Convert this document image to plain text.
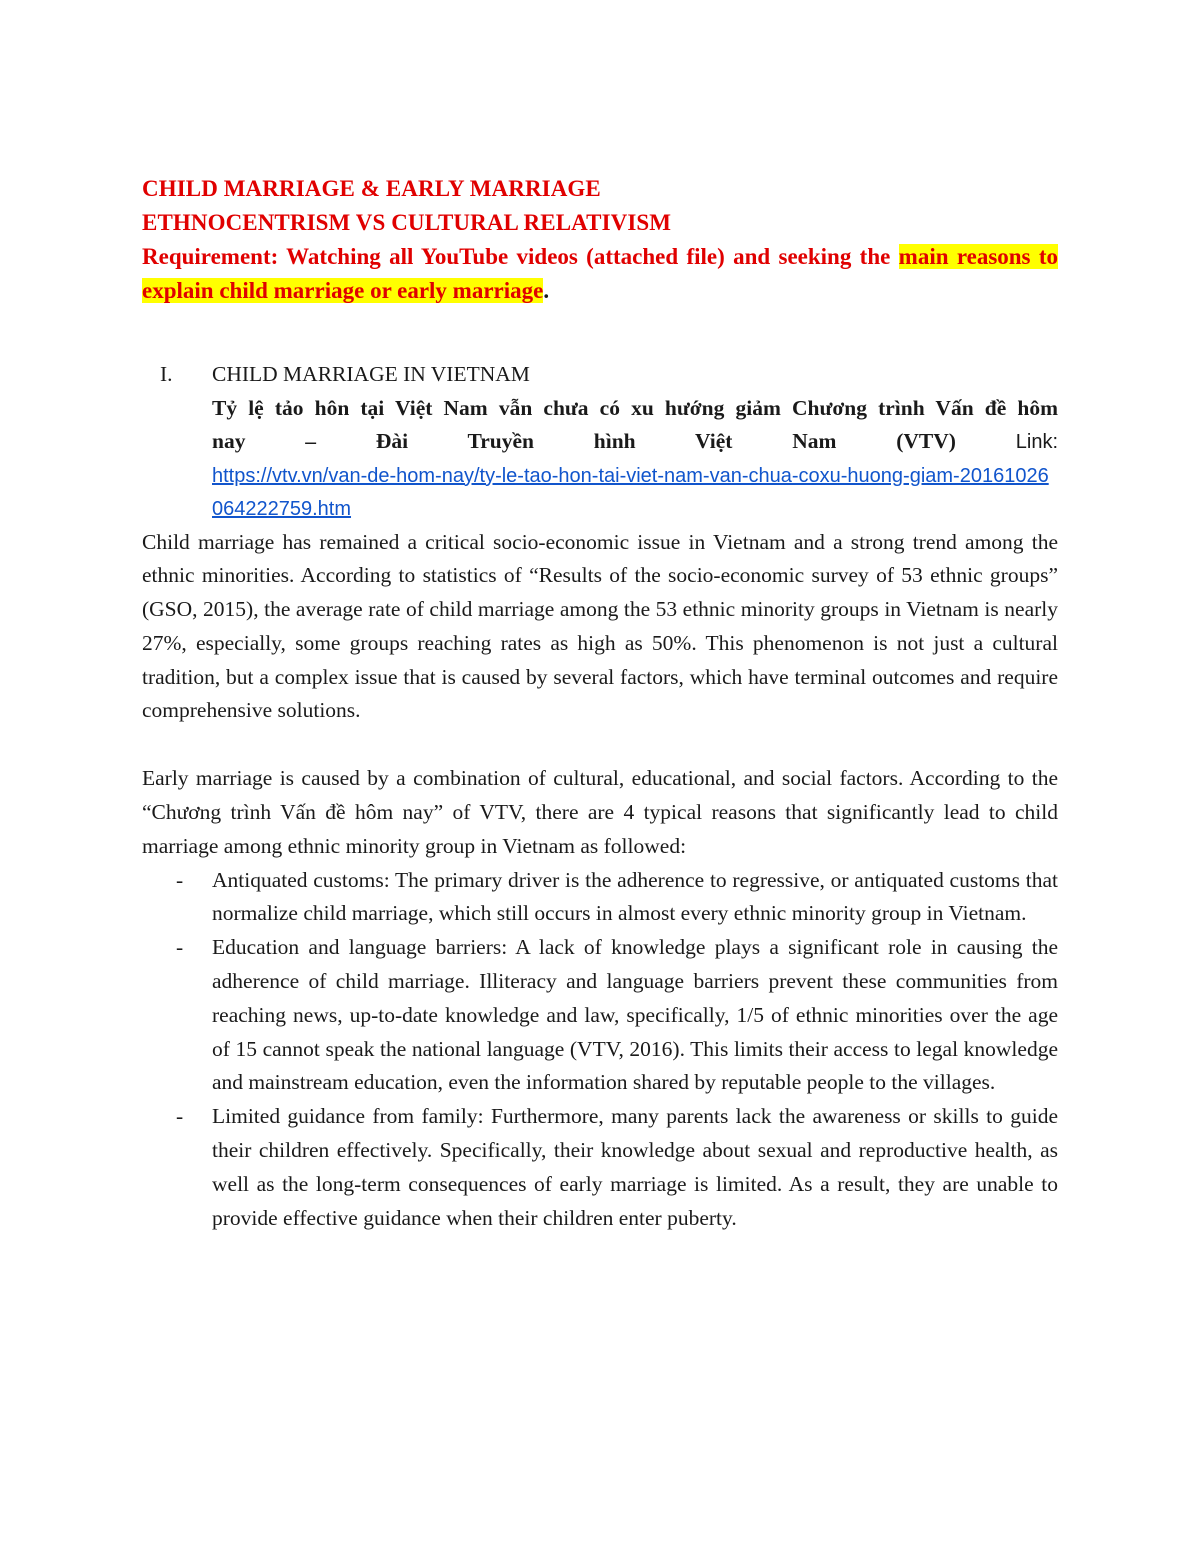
CHILD MARRIAGE & EARLY MARRIAGE
ETHNOCENTRISM VS CULTURAL RELATIVISM

Requirement: Watching all YouTube videos (attached file) and seeking the main reasons to explain child marriage or early marriage.

I.	CHILD MARRIAGE IN VIETNAM
Tỷ lệ tảo hôn tại Việt Nam vẫn chưa có xu hướng giảm Chương trình Vấn đề hôm
nay – Đài Truyền hình Việt Nam (VTV)	Link:
https://vtv.vn/van-de-hom-nay/ty-le-tao-hon-tai-viet-nam-van-chua-coxu-huong-giam-20161026064222759.htm

Child marriage has remained a critical socio-economic issue in Vietnam and a strong trend among the ethnic minorities. According to statistics of “Results of the socio-economic survey of 53 ethnic groups” (GSO, 2015), the average rate of child marriage among the 53 ethnic minority groups in Vietnam is nearly 27%, especially, some groups reaching rates as high as 50%. This phenomenon is not just a cultural tradition, but a complex issue that is caused by several factors, which have terminal outcomes and require comprehensive solutions.

Early marriage is caused by a combination of cultural, educational, and social factors. According to the “Chương trình Vấn đề hôm nay” of VTV, there are 4 typical reasons that significantly lead to child marriage among ethnic minority group in Vietnam as followed:

- Antiquated customs: The primary driver is the adherence to regressive, or antiquated customs that normalize child marriage, which still occurs in almost every ethnic minority group in Vietnam.
- Education and language barriers: A lack of knowledge plays a significant role in causing the adherence of child marriage. Illiteracy and language barriers prevent these communities from reaching news, up-to-date knowledge and law, specifically, 1/5 of ethnic minorities over the age of 15 cannot speak the national language (VTV, 2016). This limits their access to legal knowledge and mainstream education, even the information shared by reputable people to the villages.
- Limited guidance from family: Furthermore, many parents lack the awareness or skills to guide their children effectively. Specifically, their knowledge about sexual and reproductive health, as well as the long-term consequences of early marriage is limited. As a result, they are unable to provide effective guidance when their children enter puberty.
